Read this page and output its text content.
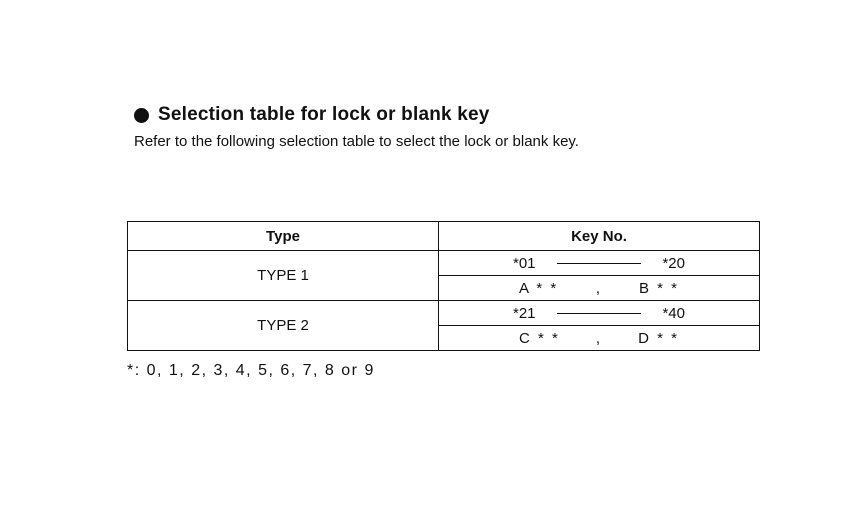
Selection table for lock or blank key
Refer to the following selection table to select the lock or blank key.
Type	Key No.
TYPE 1	*01 *20

	A * * , B * *

TYPE 2	*21 *40

	C * * , D * *
*: 0, 1, 2, 3, 4, 5, 6, 7, 8 or 9
